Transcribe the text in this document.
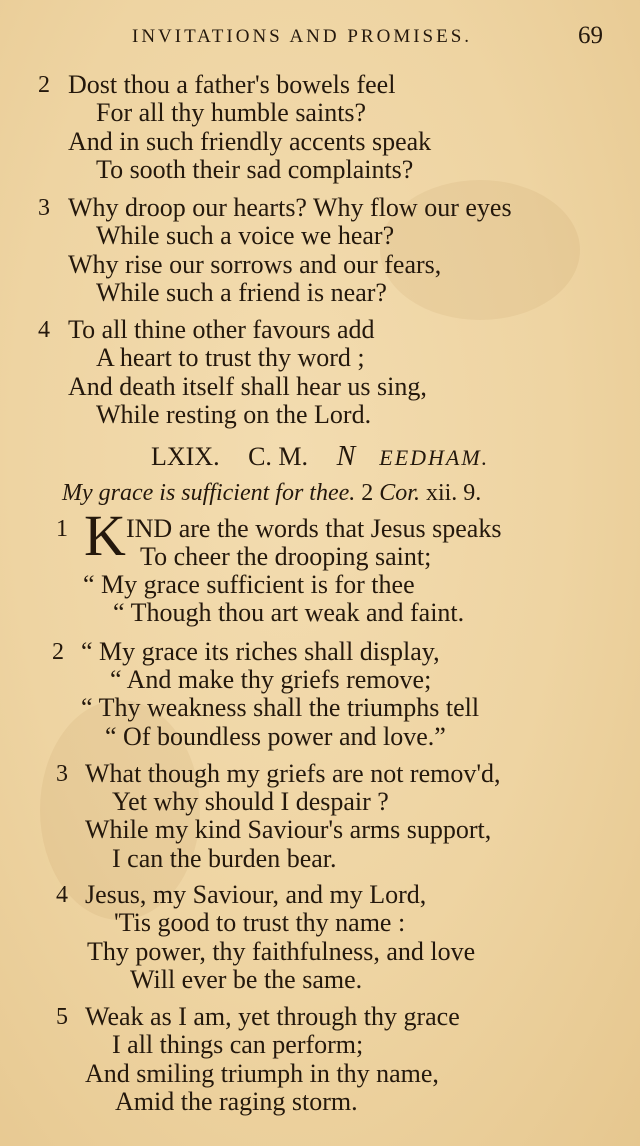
INVITATIONS AND PROMISES.	69
2 Dost thou a father's bowels feel
For all thy humble saints?
And in such friendly accents speak
To sooth their sad complaints?
3 Why droop our hearts? Why flow our eyes
While such a voice we hear?
Why rise our sorrows and our fears,
While such a friend is near?
4 To all thine other favours add
A heart to trust thy word ;
And death itself shall hear us sing,
While resting on the Lord.
LXIX. C. M. N EEDHAM.
My grace is sufficient for thee. 2 Cor. xii. 9.
1 K IND are the words that Jesus speaks
To cheer the drooping saint;
“ My grace sufficient is for thee
“ Though thou art weak and faint.
2 “ My grace its riches shall display,
“ And make thy griefs remove;
“ Thy weakness shall the triumphs tell
“ Of boundless power and love.”
3 What though my griefs are not remov'd,
Yet why should I despair ?
While my kind Saviour's arms support,
I can the burden bear.
4 Jesus, my Saviour, and my Lord,
'Tis good to trust thy name :
Thy power, thy faithfulness, and love
Will ever be the same.
5 Weak as I am, yet through thy grace
I all things can perform;
And smiling triumph in thy name,
Amid the raging storm.
